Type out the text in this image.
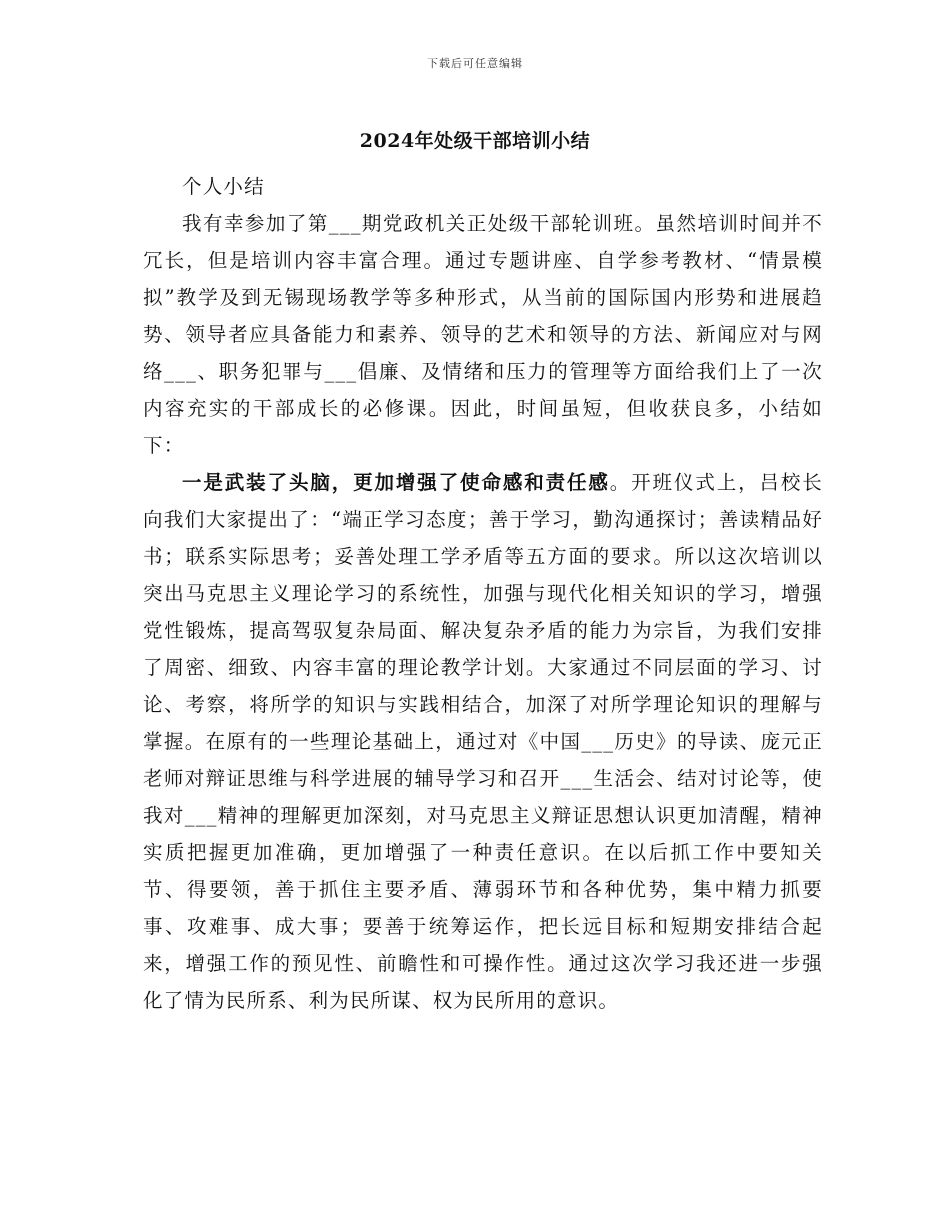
下载后可任意编辑
2024年处级干部培训小结

个人小结

我有幸参加了第___期党政机关正处级干部轮训班。虽然培训时间并不冗长，但是培训内容丰富合理。通过专题讲座、自学参考教材、“情景模拟”教学及到无锡现场教学等多种形式，从当前的国际国内形势和进展趋势、领导者应具备能力和素养、领导的艺术和领导的方法、新闻应对与网络___、职务犯罪与___倡廉、及情绪和压力的管理等方面给我们上了一次内容充实的干部成长的必修课。因此，时间虽短，但收获良多，小结如下：

一是武装了头脑，更加增强了使命感和责任感。开班仪式上，吕校长向我们大家提出了：“端正学习态度；善于学习，勤沟通探讨；善读精品好书；联系实际思考；妥善处理工学矛盾等五方面的要求。所以这次培训以突出马克思主义理论学习的系统性，加强与现代化相关知识的学习，增强党性锻炼，提高驾驭复杂局面、解决复杂矛盾的能力为宗旨，为我们安排了周密、细致、内容丰富的理论教学计划。大家通过不同层面的学习、讨论、考察，将所学的知识与实践相结合，加深了对所学理论知识的理解与掌握。在原有的一些理论基础上，通过对《中国___历史》的导读、庞元正老师对辩证思维与科学进展的辅导学习和召开___生活会、结对讨论等，使我对___精神的理解更加深刻，对马克思主义辩证思想认识更加清醒，精神实质把握更加准确，更加增强了一种责任意识。在以后抓工作中要知关节、得要领，善于抓住主要矛盾、薄弱环节和各种优势，集中精力抓要事、攻难事、成大事；要善于统筹运作，把长远目标和短期安排结合起来，增强工作的预见性、前瞻性和可操作性。通过这次学习我还进一步强化了情为民所系、利为民所谋、权为民所用的意识。
